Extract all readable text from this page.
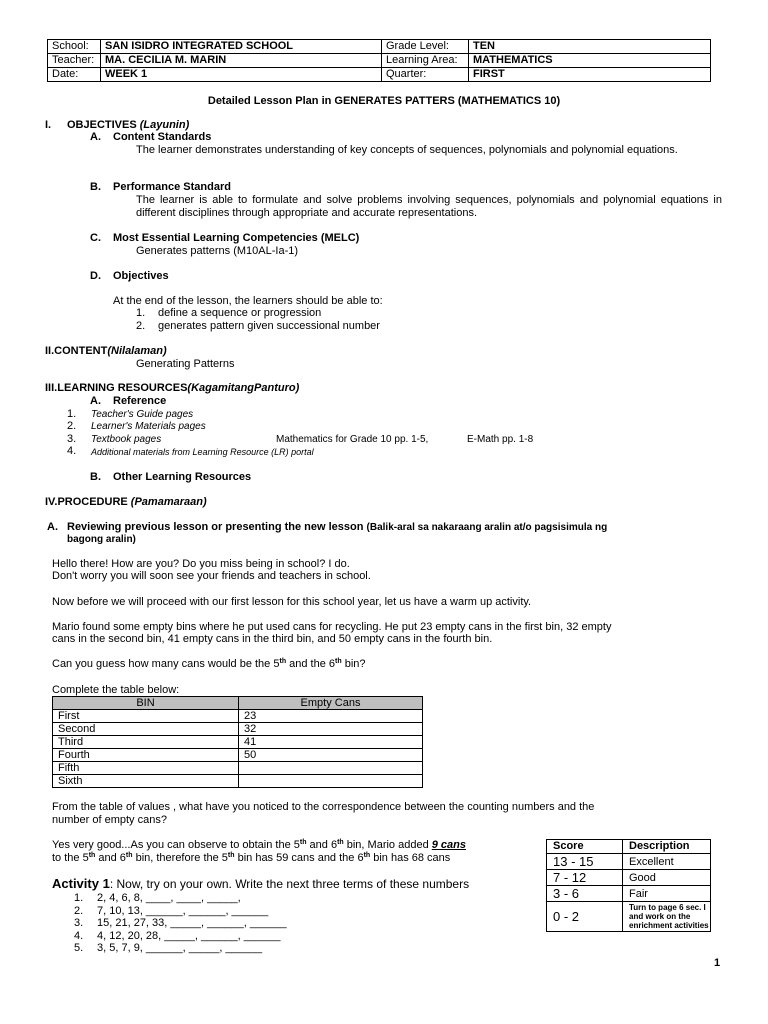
School:	SAN ISIDRO INTEGRATED SCHOOL	Grade Level:	TEN
Teacher:	MA. CECILIA M. MARIN	Learning Area:	MATHEMATICS
Date:	WEEK 1	Quarter:	FIRST
Detailed Lesson Plan in GENERATES PATTERS (MATHEMATICS 10)
I. OBJECTIVES (Layunin)
A. Content Standards
The learner demonstrates understanding of key concepts of sequences, polynomials and polynomial equations.
B. Performance Standard
The learner is able to formulate and solve problems involving sequences, polynomials and polynomial equations in different disciplines through appropriate and accurate representations.
C. Most Essential Learning Competencies (MELC)
Generates patterns (M10AL-Ia-1)
D. Objectives
At the end of the lesson, the learners should be able to:
1. define a sequence or progression
2. generates pattern given successional number
II.CONTENT(Nilalaman)
Generating Patterns
III.LEARNING RESOURCES(KagamitangPanturo)
A. Reference
1. Teacher's Guide pages
2. Learner's Materials pages
3. Textbook pages	Mathematics for Grade 10 pp. 1-5,	E-Math pp. 1-8
4. Additional materials from Learning Resource (LR) portal
B. Other Learning Resources
IV.PROCEDURE (Pamamaraan)
A. Reviewing previous lesson or presenting the new lesson (Balik-aral sa nakaraang aralin at/o pagsisimula ng
bagong aralin)
Hello there! How are you? Do you miss being in school? I do.
Don't worry you will soon see your friends and teachers in school.
Now before we will proceed with our first lesson for this school year, let us have a warm up activity.
Mario found some empty bins where he put used cans for recycling. He put 23 empty cans in the first bin, 32 empty
cans in the second bin, 41 empty cans in the third bin, and 50 empty cans in the fourth bin.
Can you guess how many cans would be the 5th and the 6th bin?
Complete the table below:
BIN	Empty Cans
First	23
Second	32
Third	41
Fourth	50
Fifth	
Sixth	
From the table of values , what have you noticed to the correspondence between the counting numbers and the
number of empty cans?
Yes very good...As you can observe to obtain the 5th and 6th bin, Mario added 9 cans
to the 5th and 6th bin, therefore the 5th bin has 59 cans and the 6th bin has 68 cans
Activity 1: Now, try on your own. Write the next three terms of these numbers
1. 2, 4, 6, 8, ____, ____, _____,
2. 7, 10, 13, ______, ______, ______
3. 15, 21, 27, 33, _____, ______, ______
4. 4, 12, 20, 28, _____, ______, ______
5. 3, 5, 7, 9, ______, _____, ______
Score	Description
13 - 15	Excellent
7 - 12	Good
3 - 6	Fair
0 - 2	Turn to page 6 sec. I and work on the enrichment activities
1
